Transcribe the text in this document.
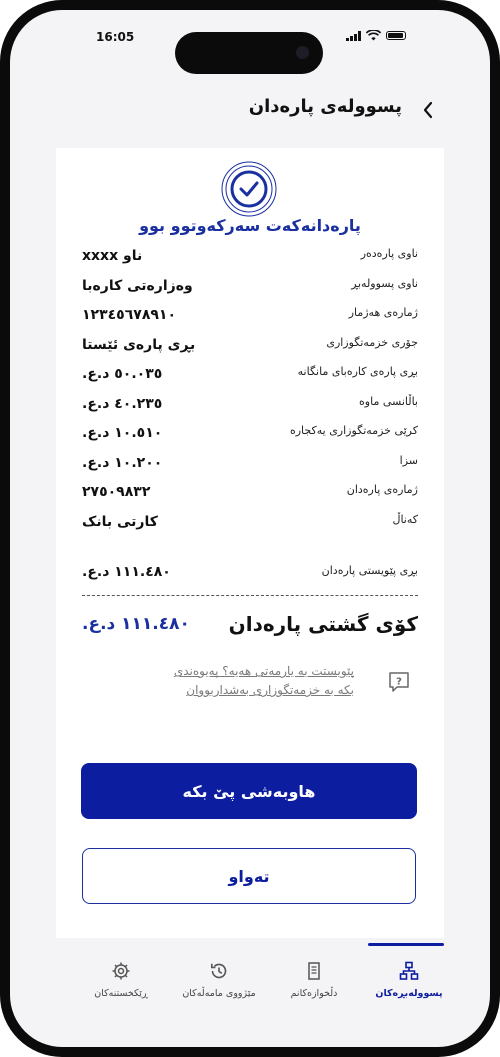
16:05
پسوولەی پارەدان
پارەدانەکەت سەرکەوتوو بوو
ناوی پارەدەر
ناو xxxx
ناوی پسوولەبڕ
وەزارەتی کارەبا
ژمارەی هەژمار
١٢٣٤٥٦٧٨٩١٠
جۆری خزمەتگوزاری
بڕی پارەی ئێستا
بڕی پارەی کارەبای مانگانە
٥٠.٠٣٥ د.ع.
باڵانسی ماوە
٤٠.٢٣٥ د.ع.
کرێی خزمەتگوزاری یەکجارە
١٠.٥١٠ د.ع.
سزا
١٠.٢٠٠ د.ع.
ژمارەی پارەدان
٢٧٥٠٩٨٣٢
کەناڵ
کارتی بانک
بڕی پێویستی پارەدان
١١١.٤٨٠ د.ع.
کۆی گشتی پارەدان
١١١.٤٨٠ د.ع.
?
پێویستت بە یارمەتی هەیە؟ پەیوەندی
بکە بە خزمەتگوزاری بەشداربووان
هاوبەشی پێ بکە
تەواو
پسوولەبڕەکان
دڵخوازەکانم
مێژووی مامەڵەکان
ڕێکخستنەکان
